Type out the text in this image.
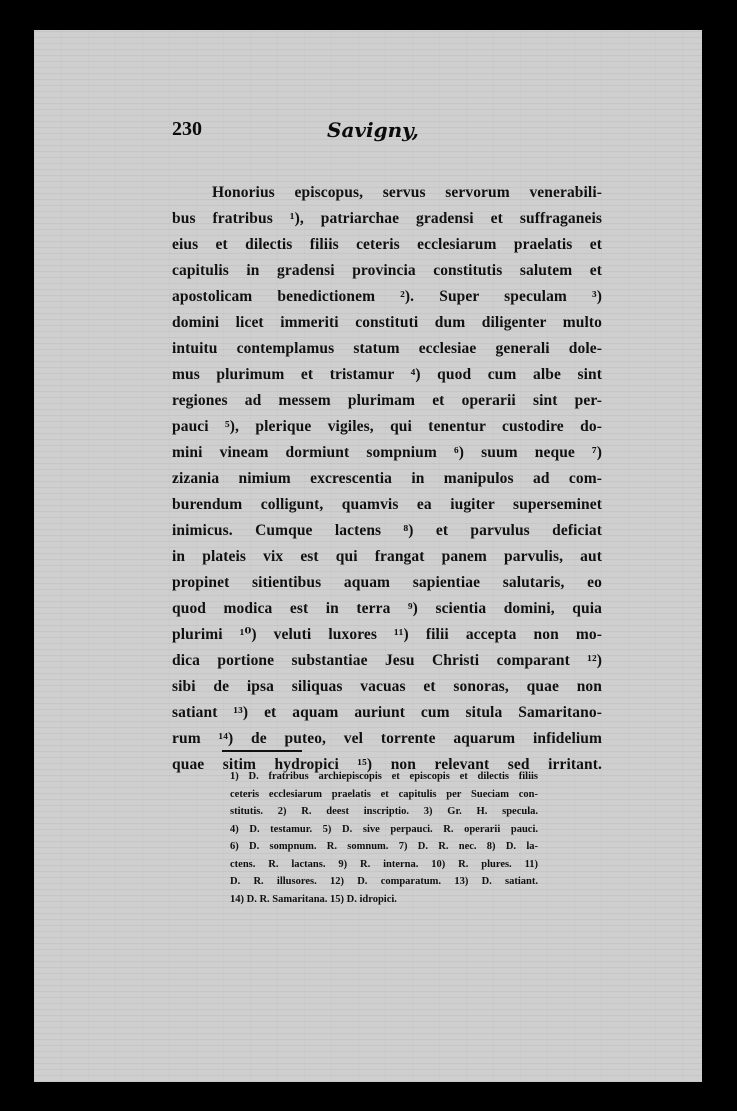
230	Savigny,
Honorius episcopus, servus servorum venerabili-
bus fratribus ¹), patriarchae gradensi et suffraganeis
eius et dilectis filiis ceteris ecclesiarum praelatis et
capitulis in gradensi provincia constitutis salutem et
apostolicam benedictionem ²). Super speculam ³)
domini licet immeriti constituti dum diligenter multo
intuitu contemplamus statum ecclesiae generali dole-
mus plurimum et tristamur ⁴) quod cum albe sint
regiones ad messem plurimam et operarii sint per-
pauci ⁵), plerique vigiles, qui tenentur custodire do-
mini vineam dormiunt sompnium ⁶) suum neque ⁷)
zizania nimium excrescentia in manipulos ad com-
burendum colligunt, quamvis ea iugiter superseminet
inimicus. Cumque lactens ⁸) et parvulus deficiat
in plateis vix est qui frangat panem parvulis, aut
propinet sitientibus aquam sapientiae salutaris, eo
quod modica est in terra ⁹) scientia domini, quia
plurimi ¹⁰) veluti luxores ¹¹) filii accepta non mo-
dica portione substantiae Jesu Christi comparant ¹²)
sibi de ipsa siliquas vacuas et sonoras, quae non
satiant ¹³) et aquam auriunt cum situla Samaritano-
rum ¹⁴) de puteo, vel torrente aquarum infidelium
quae sitim hydropici ¹⁵) non relevant sed irritant.
1) D. fratribus archiepiscopis et episcopis et dilectis filiis
ceteris ecclesiarum praelatis et capitulis per Sueciam con-
stitutis. 2) R. deest inscriptio. 3) Gr. H. specula.
4) D. testamur. 5) D. sive perpauci. R. operarii pauci.
6) D. sompnum. R. somnum. 7) D. R. nec. 8) D. la-
ctens. R. lactans. 9) R. interna. 10) R. plures. 11)
D. R. illusores. 12) D. comparatum. 13) D. satiant.
14) D. R. Samaritana. 15) D. idropici.
